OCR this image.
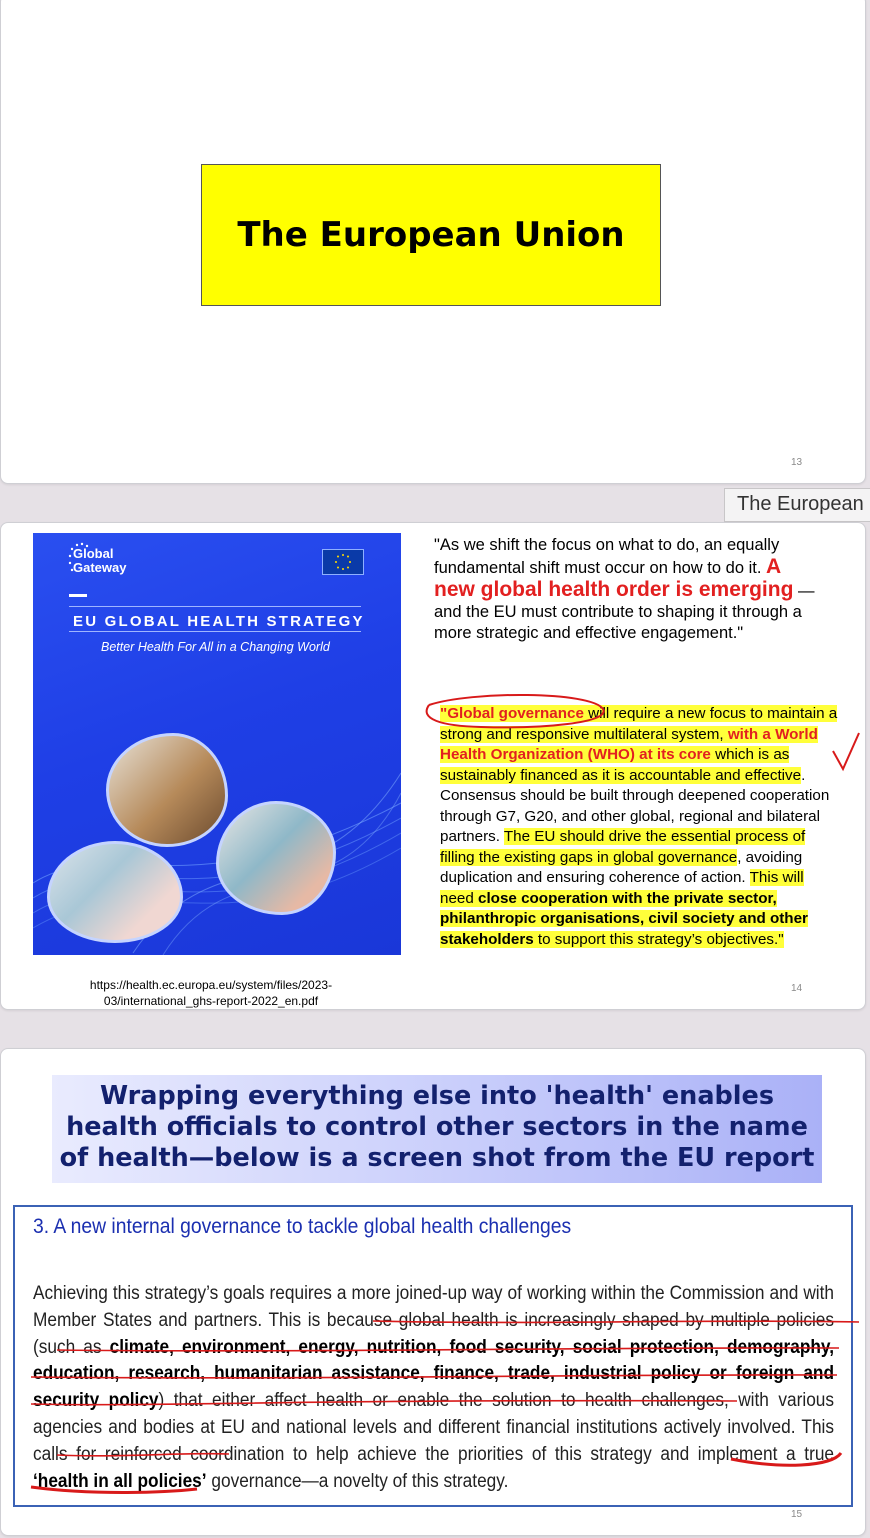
The European Union
13
The European
Global
Gateway
EU GLOBAL HEALTH STRATEGY
Better Health For All in a Changing World
https://health.ec.europa.eu/system/files/2023-
03/international_ghs-report-2022_en.pdf
"As we shift the focus on what to do, an equally fundamental shift must occur on how to do it. A new global health order is emerging —and the EU must contribute to shaping it through a more strategic and effective engagement."
"Global governance will require a new focus to maintain a strong and responsive multilateral system, with a World Health Organization (WHO) at its core which is as sustainably financed as it is accountable and effective. Consensus should be built through deepened cooperation through G7, G20, and other global, regional and bilateral partners. The EU should drive the essential process of filling the existing gaps in global governance, avoiding duplication and ensuring coherence of action. This will need close cooperation with the private sector, philanthropic organisations, civil society and other stakeholders to support this strategy’s objectives."
14
Wrapping everything else into 'health' enables health officials to control other sectors in the name of health—below is a screen shot from the EU report
3. A new internal governance to tackle global health challenges
Achieving this strategy’s goals requires a more joined-up way of working within the Commission and with Member States and partners. This is because global health is increasingly shaped by multiple policies (such as climate, environment, energy, nutrition, food security, social protection, demography, education, research, humanitarian assistance, finance, trade, industrial policy or foreign and security policy) that either affect health or enable the solution to health challenges, with various agencies and bodies at EU and national levels and different financial institutions actively involved. This calls for reinforced coordination to help achieve the priorities of this strategy and implement a true ‘health in all policies’ governance—a novelty of this strategy.
15
